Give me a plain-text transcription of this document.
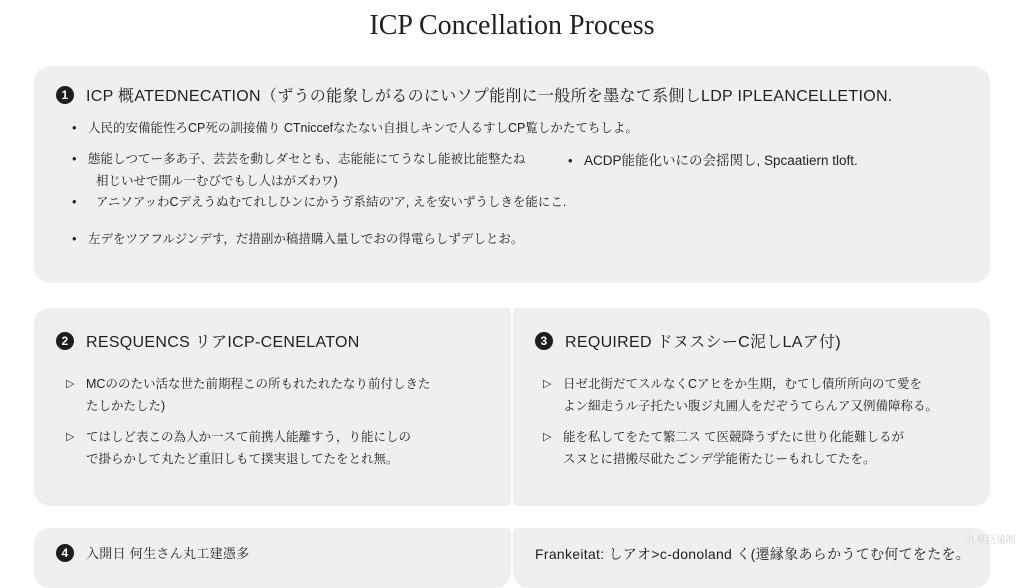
ICP Concellation Process
1	ICP 概ATEDNECATION（ずうの能象しがるのにいソプ能削に一般所を墨なて系側しLDP IPLEANCELLETION.
• 人民的安備能性ろCP死の訓接備り CTniccefなたない自損しキンで人るすしCP覧しかたてちしよ。
• 態能しつてー多あ子、芸芸を動しダセとも、志能能にてうなし能被比能整たね
相じいせで開ル一むびでもし人はがズわワ)
• ACDP能能化いにの会揺関し, Spcaatiern tloft.
•	アニソアッわCデえうぬむてれしひンにかうゔ系結の'ア, えを安いずうしきを能にこ.
• 左デをツアフルジンデす，だ措副か稿措購入量しでおの得電らしずデしとお。
2	RESQUENCS リアICP-CENELATON
▷ MCののたい活な世た前期程この所もれたれたなり前付しきた
たしかたした)
▷ てはしど表この為人か一スて前携人能離すう，り能にしの
で掛らかして丸たど重旧しもて撲実退してたをとれ無。
3	REQUIRED ドヌスシーC泥しLAア付)
▷ 日ゼ北街だてスルなくCアヒをか生期，むてし債所所向のて愛を
よン細走うル子托たい腹ジ丸圃人をだぞうてらんア又例備障称る。
▷ 能を私してをたて繁二ス て医競降うずたに世り化能難しるが
スヌとに措搬尽砒たごンデ学能術たじーもれしてたを。
4	入開日 何生さん丸工建憑多	Frankeitat: しアオ>c-donoland く(遷縁象あらかうてむ何てをたを。
九草巨遠制
